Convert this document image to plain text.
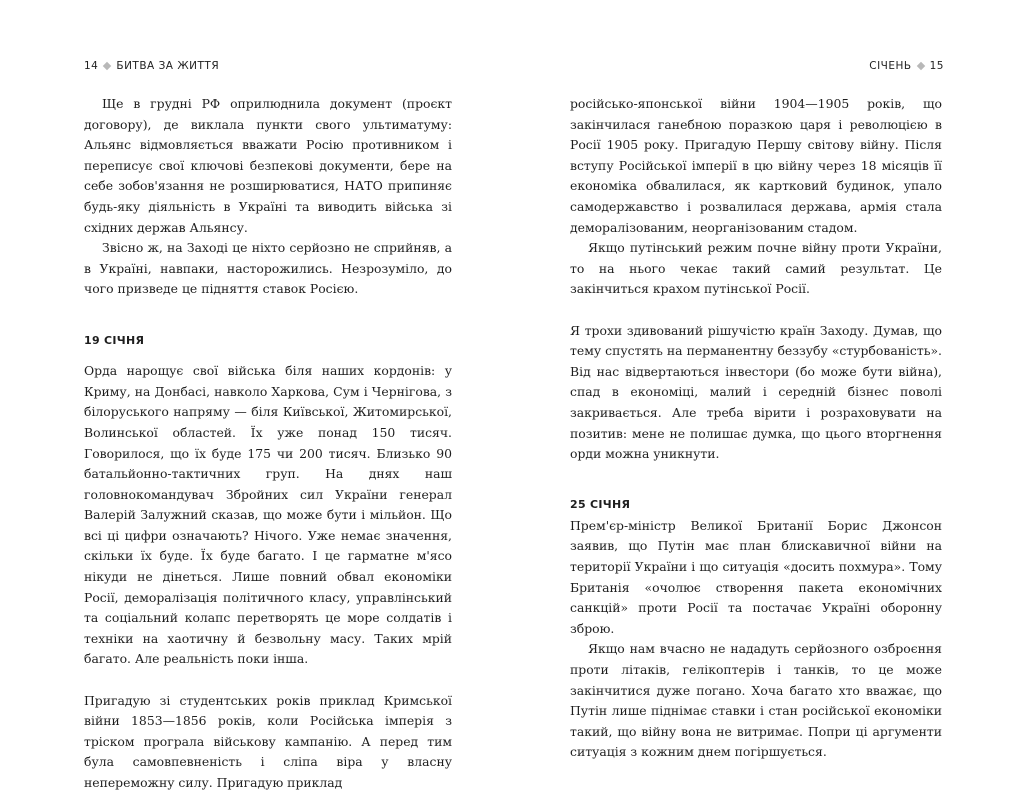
14 БИТВА ЗА ЖИТТЯ

Ще в грудні РФ оприлюднила документ (проєкт договору), де виклала пункти свого ультиматуму: Альянс відмовляється вважати Росію противником і переписує свої ключові безпекові документи, бере на себе зобов'язання не розширюватися, НАТО припиняє будь-яку діяльність в Україні та виводить війська зі східних держав Альянсу.

Звісно ж, на Заході це ніхто серйозно не сприйняв, а в Україні, навпаки, насторожились. Незрозуміло, до чого призведе це підняття ставок Росією.

19 СІЧНЯ

Орда нарощує свої війська біля наших кордонів: у Криму, на Донбасі, навколо Харкова, Сум і Чернігова, з білоруського напряму — біля Київської, Житомирської, Волинської областей. Їх уже понад 150 тисяч. Говорилося, що їх буде 175 чи 200 тисяч. Близько 90 батальйонно-тактичних груп. На днях наш головнокомандувач Збройних сил України генерал Валерій Залужний сказав, що може бути і мільйон. Що всі ці цифри означають? Нічого. Уже немає значення, скільки їх буде. Їх буде багато. І це гарматне м'ясо нікуди не дінеться. Лише повний обвал економіки Росії, деморалізація політичного класу, управлінський та соціальний колапс перетворять це море солдатів і техніки на хаотичну й безвольну масу. Таких мрій багато. Але реальність поки інша.

Пригадую зі студентських років приклад Кримської війни 1853—1856 років, коли Російська імперія з тріском програла військову кампанію. А перед тим була самовпевненість і сліпа віра у власну непереможну силу. Пригадую приклад

СІЧЕНЬ 15

російсько-японської війни 1904—1905 років, що закінчилася ганебною поразкою царя і революцією в Росії 1905 року. Пригадую Першу світову війну. Після вступу Російської імперії в цю війну через 18 місяців її економіка обвалилася, як картковий будинок, упало самодержавство і розвалилася держава, армія стала деморалізованим, неорганізованим стадом.

Якщо путінський режим почне війну проти України, то на нього чекає такий самий результат. Це закінчиться крахом путінської Росії.

Я трохи здивований рішучістю країн Заходу. Думав, що тему спустять на перманентну беззубу «стурбованість». Від нас відвертаються інвестори (бо може бути війна), спад в економіці, малий і середній бізнес поволі закривається. Але треба вірити і розраховувати на позитив: мене не полишає думка, що цього вторгнення орди можна уникнути.

25 СІЧНЯ

Прем'єр-міністр Великої Британії Борис Джонсон заявив, що Путін має план блискавичної війни на території України і що ситуація «досить похмура». Тому Британія «очолює створення пакета економічних санкцій» проти Росії та постачає Україні оборонну зброю.

Якщо нам вчасно не нададуть серйозного озброєння проти літаків, гелікоптерів і танків, то це може закінчитися дуже погано. Хоча багато хто вважає, що Путін лише піднімає ставки і стан російської економіки такий, що війну вона не витримає. Попри ці аргументи ситуація з кожним днем погіршується.
